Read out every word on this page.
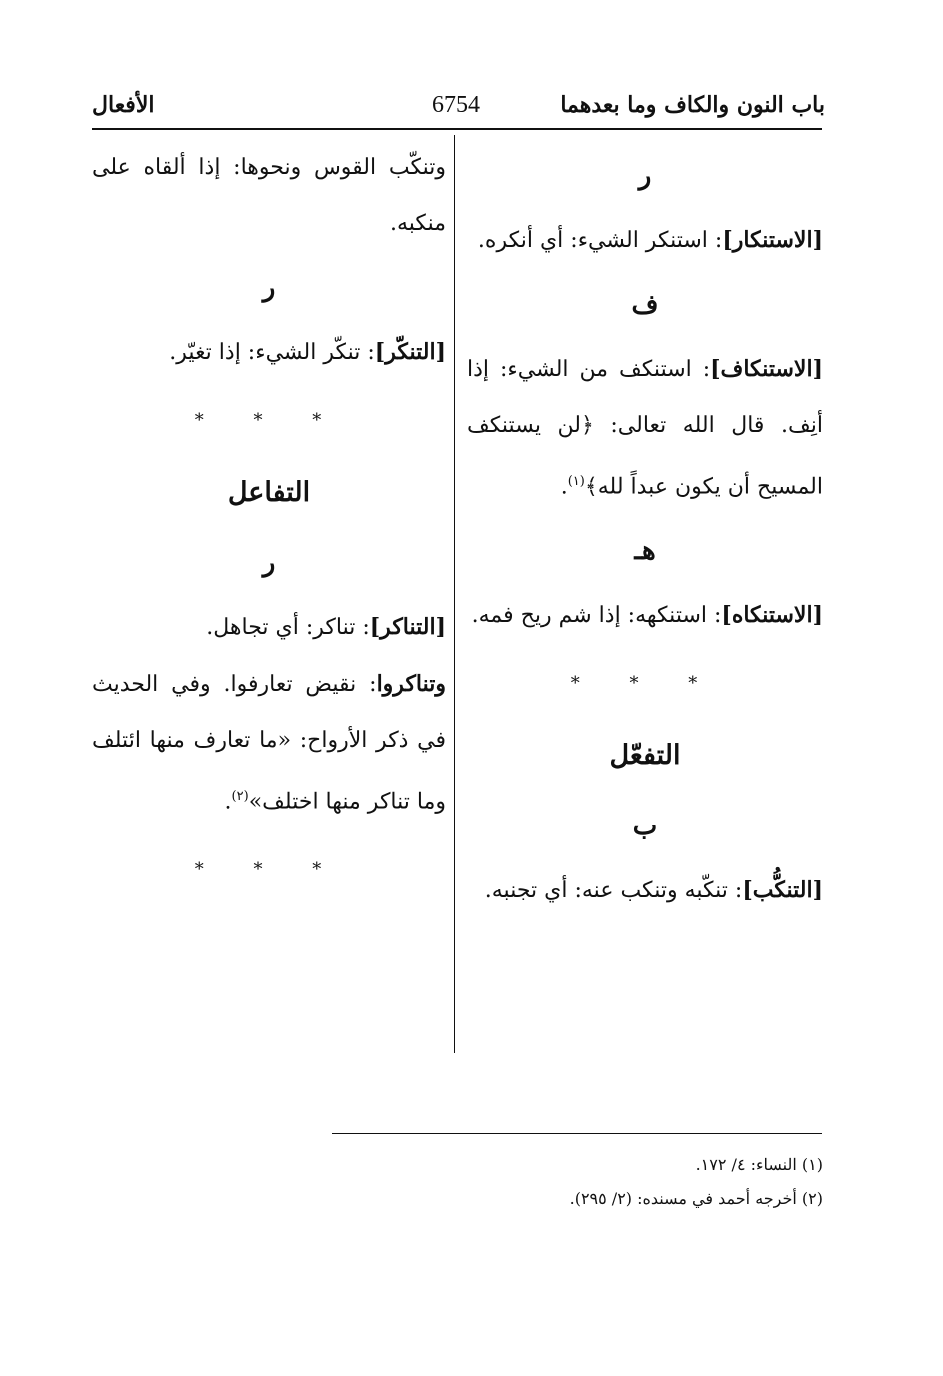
باب النون والكاف وما بعدهما
6754
الأفعال
ر

[الاستنكار]: استنكر الشيء: أي أنكره.

ف

[الاستنكاف]: استنكف من الشيء: إذا أنِف. قال الله تعالى: ﴿لن يستنكف المسيح أن يكون عبداً لله﴾$^{(١)}$.

هـ

[الاستنكاه]: استنكهه: إذا شم ريح فمه.

* * *
التفعّل
ب

[التنكُّب]: تنكّبه وتنكب عنه: أي تجنبه.

وتنكّب القوس ونحوها: إذا ألقاه على منكبه.

ر

[التنكّر]: تنكّر الشيء: إذا تغيّر.

* * *
التفاعل
ر

[التناكر]: تناكر: أي تجاهل.

وتناكروا: نقيض تعارفوا. وفي الحديث في ذكر الأرواح: «ما تعارف منها ائتلف وما تناكر منها اختلف»$^{(٢)}$.

* * *
(١) النساء: ٤/ ١٧٢.
(٢) أخرجه أحمد في مسنده: (٢/ ٢٩٥).
